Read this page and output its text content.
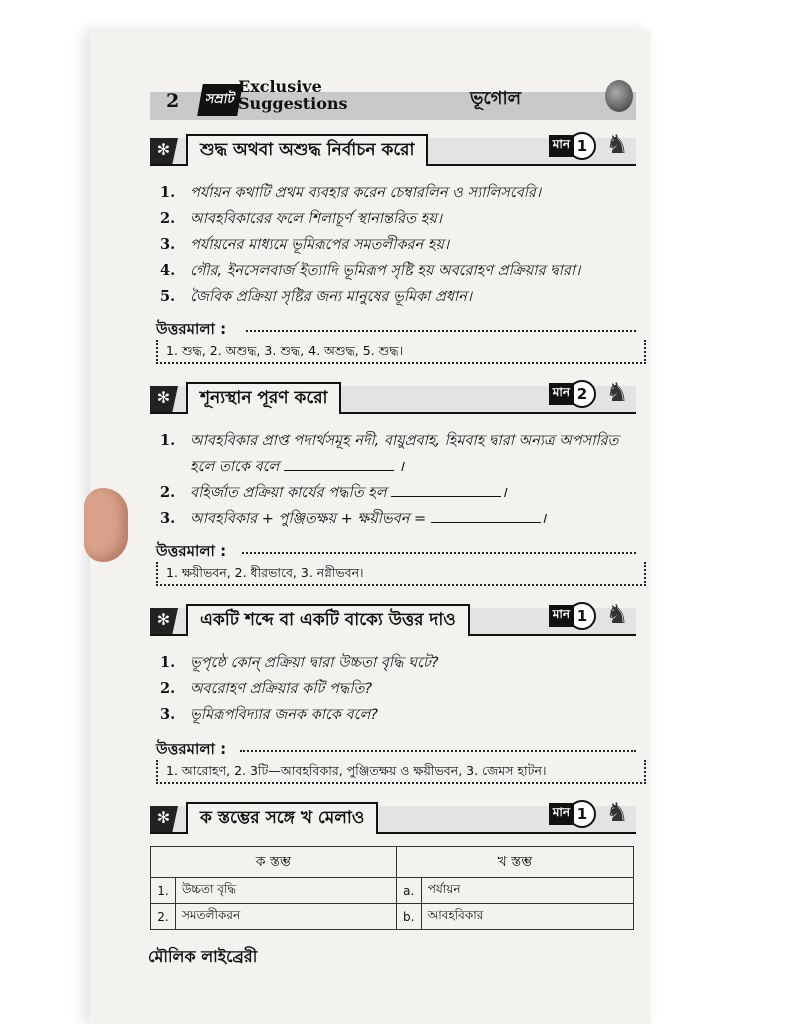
2	সম্রাট
Exclusive
Suggestions	ভূগোল
✻	শুদ্ধ অথবা অশুদ্ধ নির্বাচন করো	মান 1 ♞
1. পর্যায়ন কথাটি প্রথম ব্যবহার করেন চেম্বারলিন ও স্যালিসবেরি।
2. আবহবিকারের ফলে শিলাচূর্ণ স্থানান্তরিত হয়।
3. পর্যায়নের মাধ্যমে ভূমিরূপের সমতলীকরন হয়।
4. গৌর, ইনসেলবার্জ ইত্যাদি ভূমিরূপ সৃষ্টি হয় অবরোহণ প্রক্রিয়ার দ্বারা।
5. জৈবিক প্রক্রিয়া সৃষ্টির জন্য মানুষের ভূমিকা প্রধান।
উত্তরমালা :
1. শুদ্ধ, 2. অশুদ্ধ, 3. শুদ্ধ, 4. অশুদ্ধ, 5. শুদ্ধ।
✻	শূন্যস্থান পূরণ করো	মান 2 ♞
1. আবহবিকার প্রাপ্ত পদার্থসমূহ নদী, বায়ুপ্রবাহ, হিমবাহ দ্বারা অন্যত্র অপসারিত
হলে তাকে বলে	।
2. বহির্জাত প্রক্রিয়া কার্যের পদ্ধতি হল	।
3. আবহবিকার + পুঞ্জিতক্ষয় + ক্ষয়ীভবন =	।
উত্তরমালা :
1. ক্ষয়ীভবন, 2. ধীরভাবে, 3. নগ্নীভবন।
✻	একটি শব্দে বা একটি বাক্যে উত্তর দাও	মান 1 ♞
1. ভূপৃষ্ঠে কোন্ প্রক্রিয়া দ্বারা উচ্চতা বৃদ্ধি ঘটে?
2. অবরোহণ প্রক্রিয়ার কটি পদ্ধতি?
3. ভূমিরূপবিদ্যার জনক কাকে বলে?
উত্তরমালা :
1. আরোহণ, 2. 3টি—আবহবিকার, পুঞ্জিতক্ষয় ও ক্ষয়ীভবন, 3. জেমস হাটন।
✻	ক স্তম্ভের সঙ্গে খ মেলাও	মান 1 ♞
ক স্তম্ভ		খ স্তম্ভ	
1.	উচ্চতা বৃদ্ধি	a.	পর্যায়ন
2.	সমতলীকরন	b.	আবহবিকার
মৌলিক লাইব্রেরী
